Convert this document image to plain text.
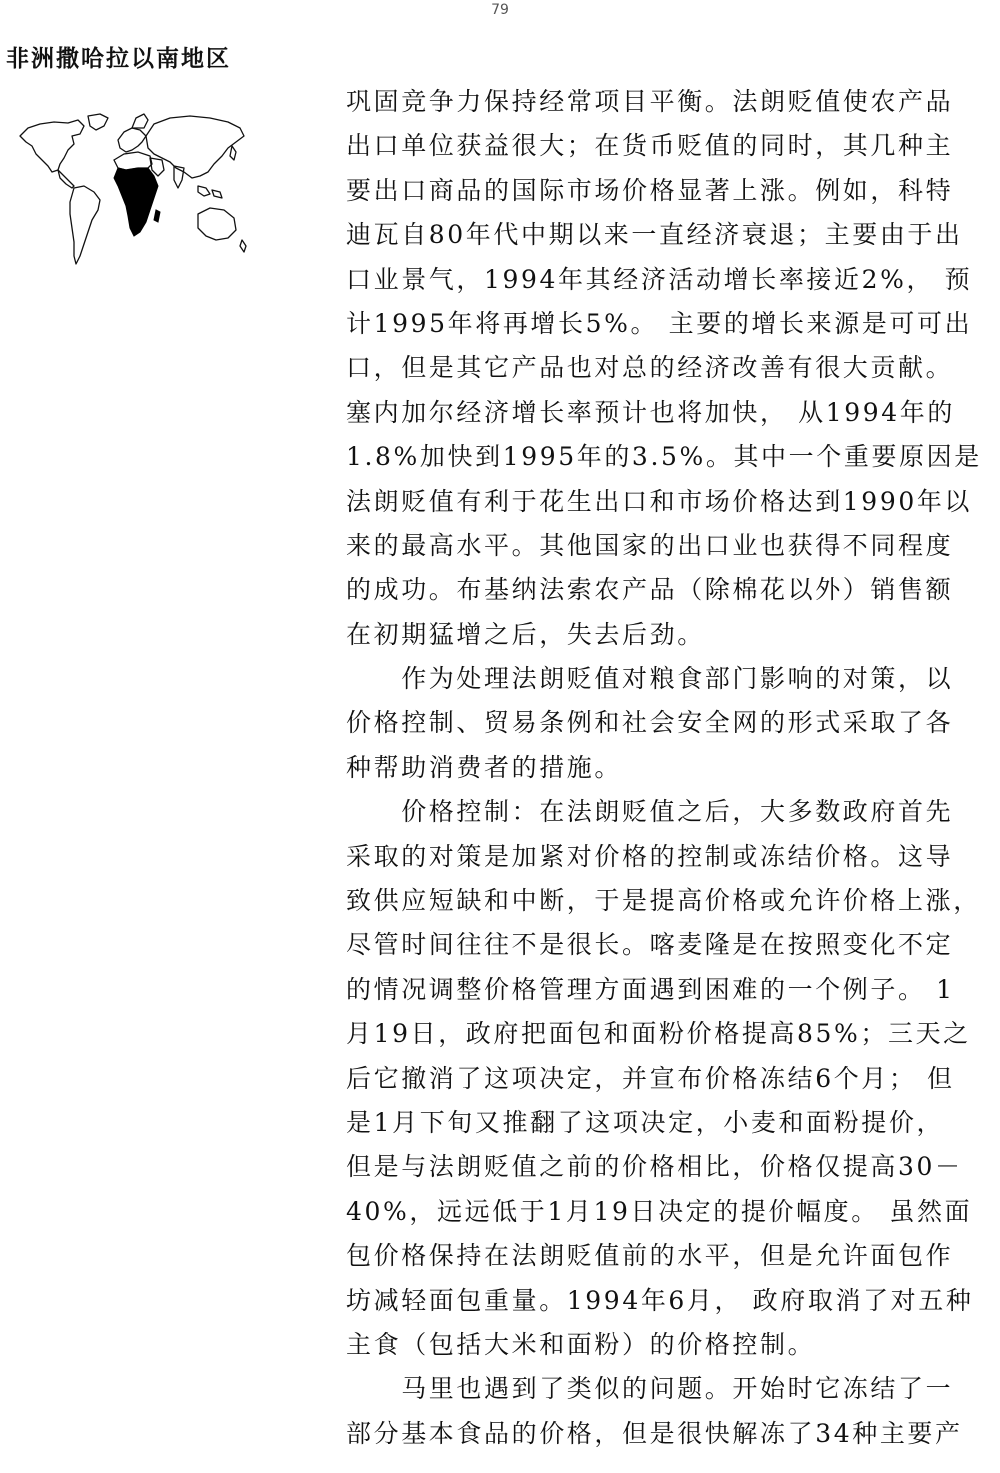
79
非洲撒哈拉以南地区
巩固竞争力保持经常项目平衡。法朗贬值使农产品
出口单位获益很大；在货币贬值的同时，其几种主
要出口商品的国际市场价格显著上涨。例如，科特
迪瓦自80年代中期以来一直经济衰退；主要由于出
口业景气，1994年其经济活动增长率接近2%， 预
计1995年将再增长5%。 主要的增长来源是可可出
口，但是其它产品也对总的经济改善有很大贡献。
塞内加尔经济增长率预计也将加快， 从1994年的
1.8%加快到1995年的3.5%。其中一个重要原因是
法朗贬值有利于花生出口和市场价格达到1990年以
来的最高水平。其他国家的出口业也获得不同程度
的成功。布基纳法索农产品（除棉花以外）销售额
在初期猛增之后，失去后劲。
　　作为处理法朗贬值对粮食部门影响的对策，以
价格控制、贸易条例和社会安全网的形式采取了各
种帮助消费者的措施。
　　价格控制：在法朗贬值之后，大多数政府首先
采取的对策是加紧对价格的控制或冻结价格。这导
致供应短缺和中断，于是提高价格或允许价格上涨，
尽管时间往往不是很长。喀麦隆是在按照变化不定
的情况调整价格管理方面遇到困难的一个例子。 1
月19日，政府把面包和面粉价格提高85%；三天之
后它撤消了这项决定，并宣布价格冻结6个月； 但
是1月下旬又推翻了这项决定，小麦和面粉提价，
但是与法朗贬值之前的价格相比，价格仅提高30－
40%，远远低于1月19日决定的提价幅度。 虽然面
包价格保持在法朗贬值前的水平，但是允许面包作
坊减轻面包重量。1994年6月， 政府取消了对五种
主食（包括大米和面粉）的价格控制。
　　马里也遇到了类似的问题。开始时它冻结了一
部分基本食品的价格，但是很快解冻了34种主要产
